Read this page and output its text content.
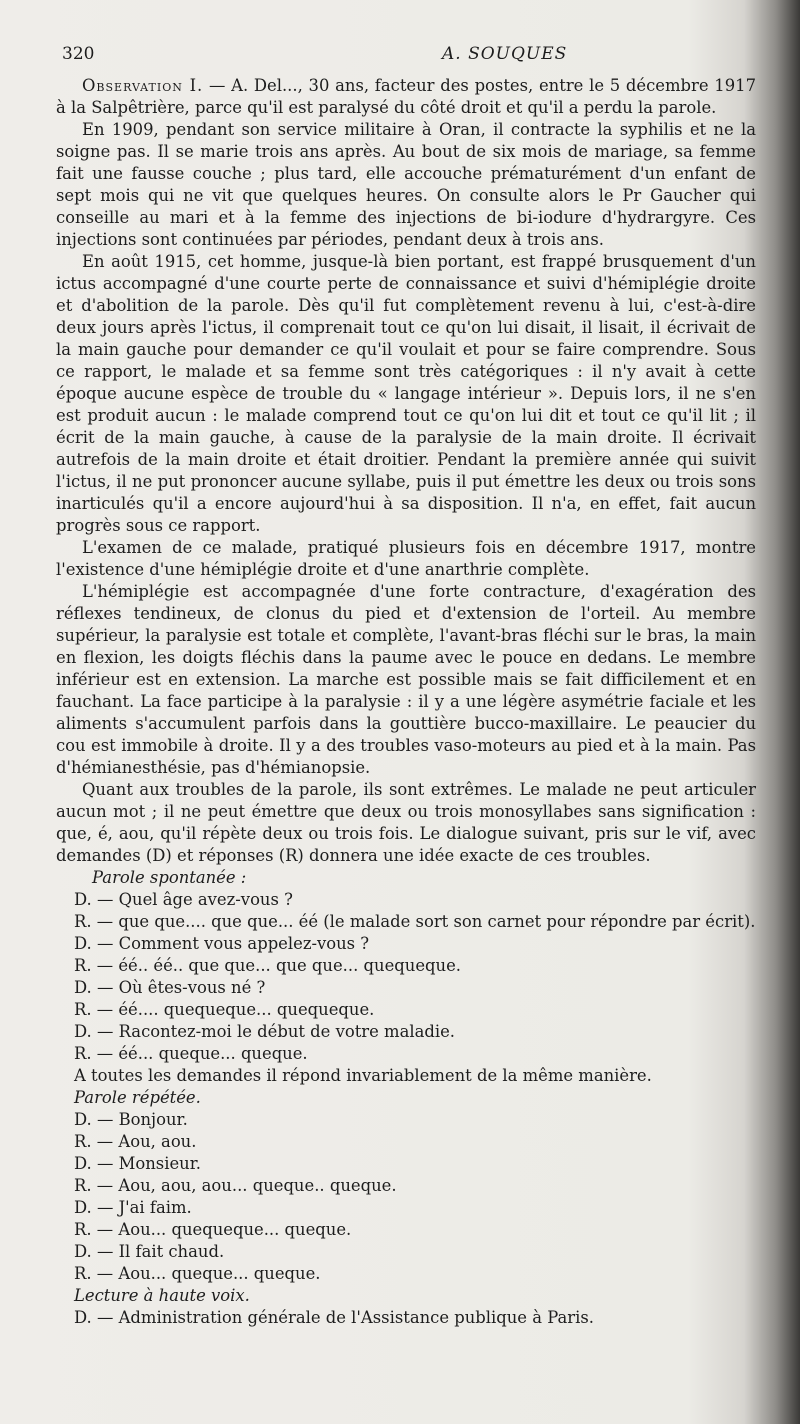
320	A. SOUQUES

Observation I. — A. Del..., 30 ans, facteur des postes, entre le 5 décembre 1917 à la Salpêtrière, parce qu'il est paralysé du côté droit et qu'il a perdu la parole.

En 1909, pendant son service militaire à Oran, il contracte la syphilis et ne la soigne pas. Il se marie trois ans après. Au bout de six mois de mariage, sa femme fait une fausse couche ; plus tard, elle accouche prématurément d'un enfant de sept mois qui ne vit que quelques heures. On consulte alors le Pr Gaucher qui conseille au mari et à la femme des injections de bi-iodure d'hydrargyre. Ces injections sont continuées par périodes, pendant deux à trois ans.

En août 1915, cet homme, jusque-là bien portant, est frappé brusquement d'un ictus accompagné d'une courte perte de connaissance et suivi d'hémiplégie droite et d'abolition de la parole. Dès qu'il fut complètement revenu à lui, c'est-à-dire deux jours après l'ictus, il comprenait tout ce qu'on lui disait, il lisait, il écrivait de la main gauche pour demander ce qu'il voulait et pour se faire comprendre. Sous ce rapport, le malade et sa femme sont très catégoriques : il n'y avait à cette époque aucune espèce de trouble du « langage intérieur ». Depuis lors, il ne s'en est produit aucun : le malade comprend tout ce qu'on lui dit et tout ce qu'il lit ; il écrit de la main gauche, à cause de la paralysie de la main droite. Il écrivait autrefois de la main droite et était droitier. Pendant la première année qui suivit l'ictus, il ne put prononcer aucune syllabe, puis il put émettre les deux ou trois sons inarticulés qu'il a encore aujourd'hui à sa disposition. Il n'a, en effet, fait aucun progrès sous ce rapport.

L'examen de ce malade, pratiqué plusieurs fois en décembre 1917, montre l'existence d'une hémiplégie droite et d'une anarthrie complète.

L'hémiplégie est accompagnée d'une forte contracture, d'exagération des réflexes tendineux, de clonus du pied et d'extension de l'orteil. Au membre supérieur, la paralysie est totale et complète, l'avant-bras fléchi sur le bras, la main en flexion, les doigts fléchis dans la paume avec le pouce en dedans. Le membre inférieur est en extension. La marche est possible mais se fait difficilement et en fauchant. La face participe à la paralysie : il y a une légère asymétrie faciale et les aliments s'accumulent parfois dans la gouttière bucco-maxillaire. Le peaucier du cou est immobile à droite. Il y a des troubles vaso-moteurs au pied et à la main. Pas d'hémianesthésie, pas d'hémianopsie.

Quant aux troubles de la parole, ils sont extrêmes. Le malade ne peut articuler aucun mot ; il ne peut émettre que deux ou trois monosyllabes sans signification : que, é, aou, qu'il répète deux ou trois fois. Le dialogue suivant, pris sur le vif, avec demandes (D) et réponses (R) donnera une idée exacte de ces troubles.

Parole spontanée :
D. — Quel âge avez-vous ?
R. — que que.... que que... éé (le malade sort son carnet pour répondre par écrit).
D. — Comment vous appelez-vous ?
R. — éé.. éé.. que que... que que... quequeque.
D. — Où êtes-vous né ?
R. — éé.... quequeque... quequeque.
D. — Racontez-moi le début de votre maladie.
R. — éé... queque... queque.
A toutes les demandes il répond invariablement de la même manière.
Parole répétée.
D. — Bonjour.
R. — Aou, aou.
D. — Monsieur.
R. — Aou, aou, aou... queque.. queque.
D. — J'ai faim.
R. — Aou... quequeque... queque.
D. — Il fait chaud.
R. — Aou... queque... queque.
Lecture à haute voix.
D. — Administration générale de l'Assistance publique à Paris.
